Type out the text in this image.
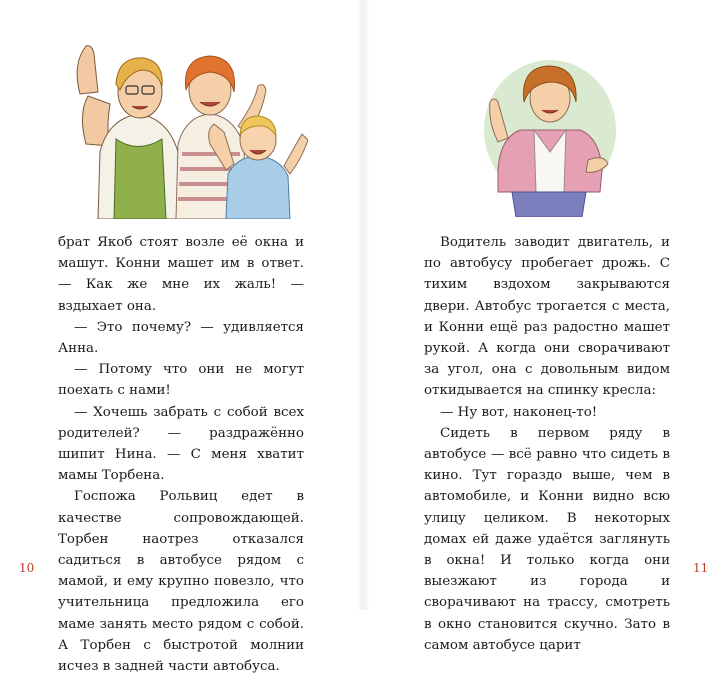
брат Якоб стоят возле её окна и машут. Конни машет им в ответ. — Как же мне их жаль! — вздыхает она.

— Это почему? — удивляется Анна.

— Потому что они не могут поехать с нами!

— Хочешь забрать с собой всех родителей? — раздражённо шипит Нина. — С меня хватит мамы Торбена.

Госпожа Рольвиц едет в качестве сопровождающей. Торбен наотрез отказался садиться в автобусе рядом с мамой, и ему крупно повезло, что учительница предложила его маме занять место рядом с собой. А Торбен с быстротой молнии исчез в задней части автобуса.

10

Водитель заводит двигатель, и по автобусу пробегает дрожь. С тихим вздохом закрываются двери. Автобус трогается с места, и Конни ещё раз радостно машет рукой. А когда они сворачивают за угол, она с довольным видом откидывается на спинку кресла:

— Ну вот, наконец-то!

Сидеть в первом ряду в автобусе — всё равно что сидеть в кино. Тут гораздо выше, чем в автомобиле, и Конни видно всю улицу целиком. В некоторых домах ей даже удаётся заглянуть в окна! И только когда они выезжают из города и сворачивают на трассу, смотреть в окно становится скучно. Зато в самом автобусе царит

11
